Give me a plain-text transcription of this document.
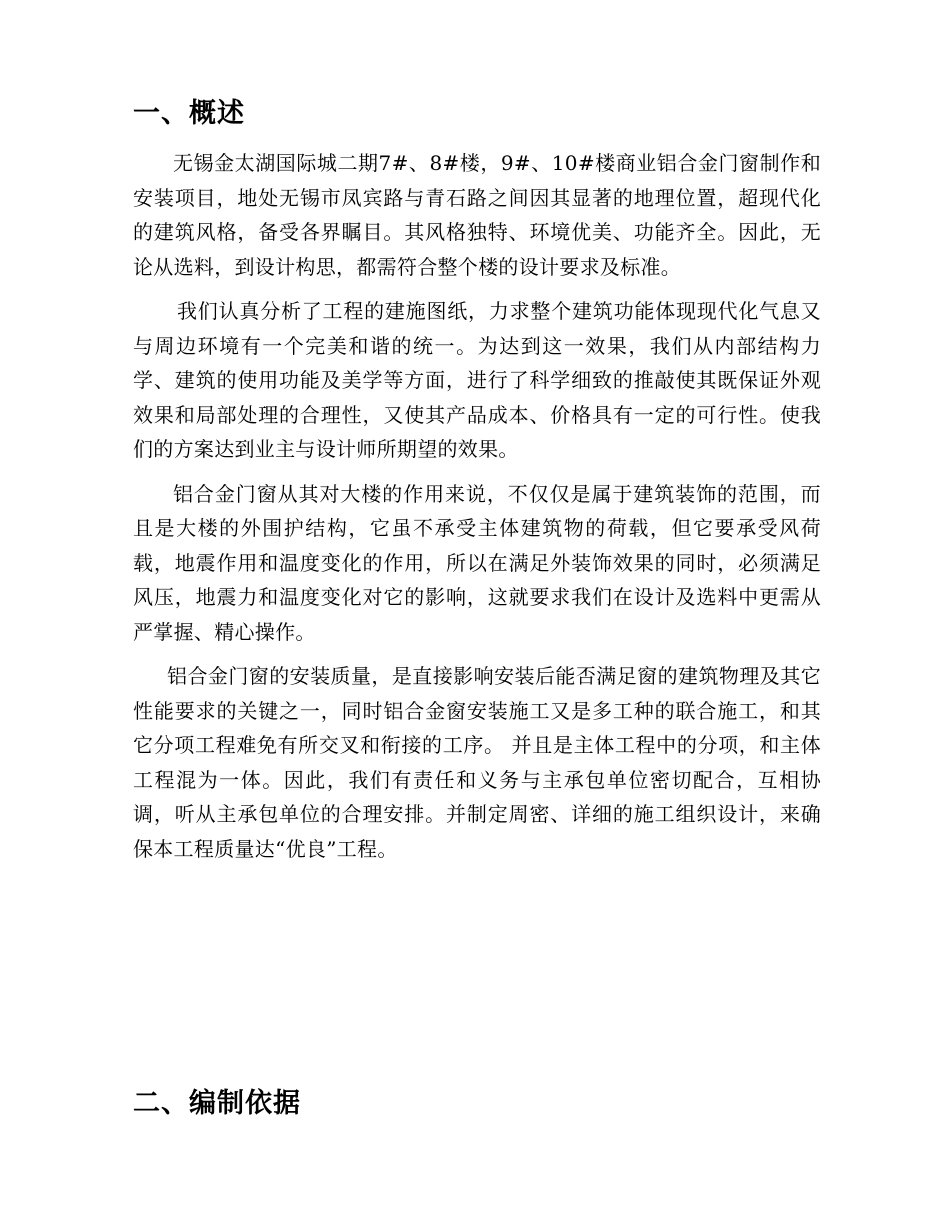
一、概述

无锡金太湖国际城二期7#、8#楼，9#、10#楼商业铝合金门窗制作和安装项目，地处无锡市凤宾路与青石路之间因其显著的地理位置，超现代化的建筑风格，备受各界瞩目。其风格独特、环境优美、功能齐全。因此，无论从选料，到设计构思，都需符合整个楼的设计要求及标准。

我们认真分析了工程的建施图纸，力求整个建筑功能体现现代化气息又与周边环境有一个完美和谐的统一。为达到这一效果，我们从内部结构力学、建筑的使用功能及美学等方面，进行了科学细致的推敲使其既保证外观效果和局部处理的合理性，又使其产品成本、价格具有一定的可行性。使我们的方案达到业主与设计师所期望的效果。

铝合金门窗从其对大楼的作用来说，不仅仅是属于建筑装饰的范围，而且是大楼的外围护结构，它虽不承受主体建筑物的荷载，但它要承受风荷载，地震作用和温度变化的作用，所以在满足外装饰效果的同时，必须满足风压，地震力和温度变化对它的影响，这就要求我们在设计及选料中更需从严掌握、精心操作。

铝合金门窗的安装质量，是直接影响安装后能否满足窗的建筑物理及其它性能要求的关键之一，同时铝合金窗安装施工又是多工种的联合施工，和其它分项工程难免有所交叉和衔接的工序。 并且是主体工程中的分项，和主体工程混为一体。因此，我们有责任和义务与主承包单位密切配合，互相协调，听从主承包单位的合理安排。并制定周密、详细的施工组织设计，来确保本工程质量达“优良”工程。

二、编制依据
